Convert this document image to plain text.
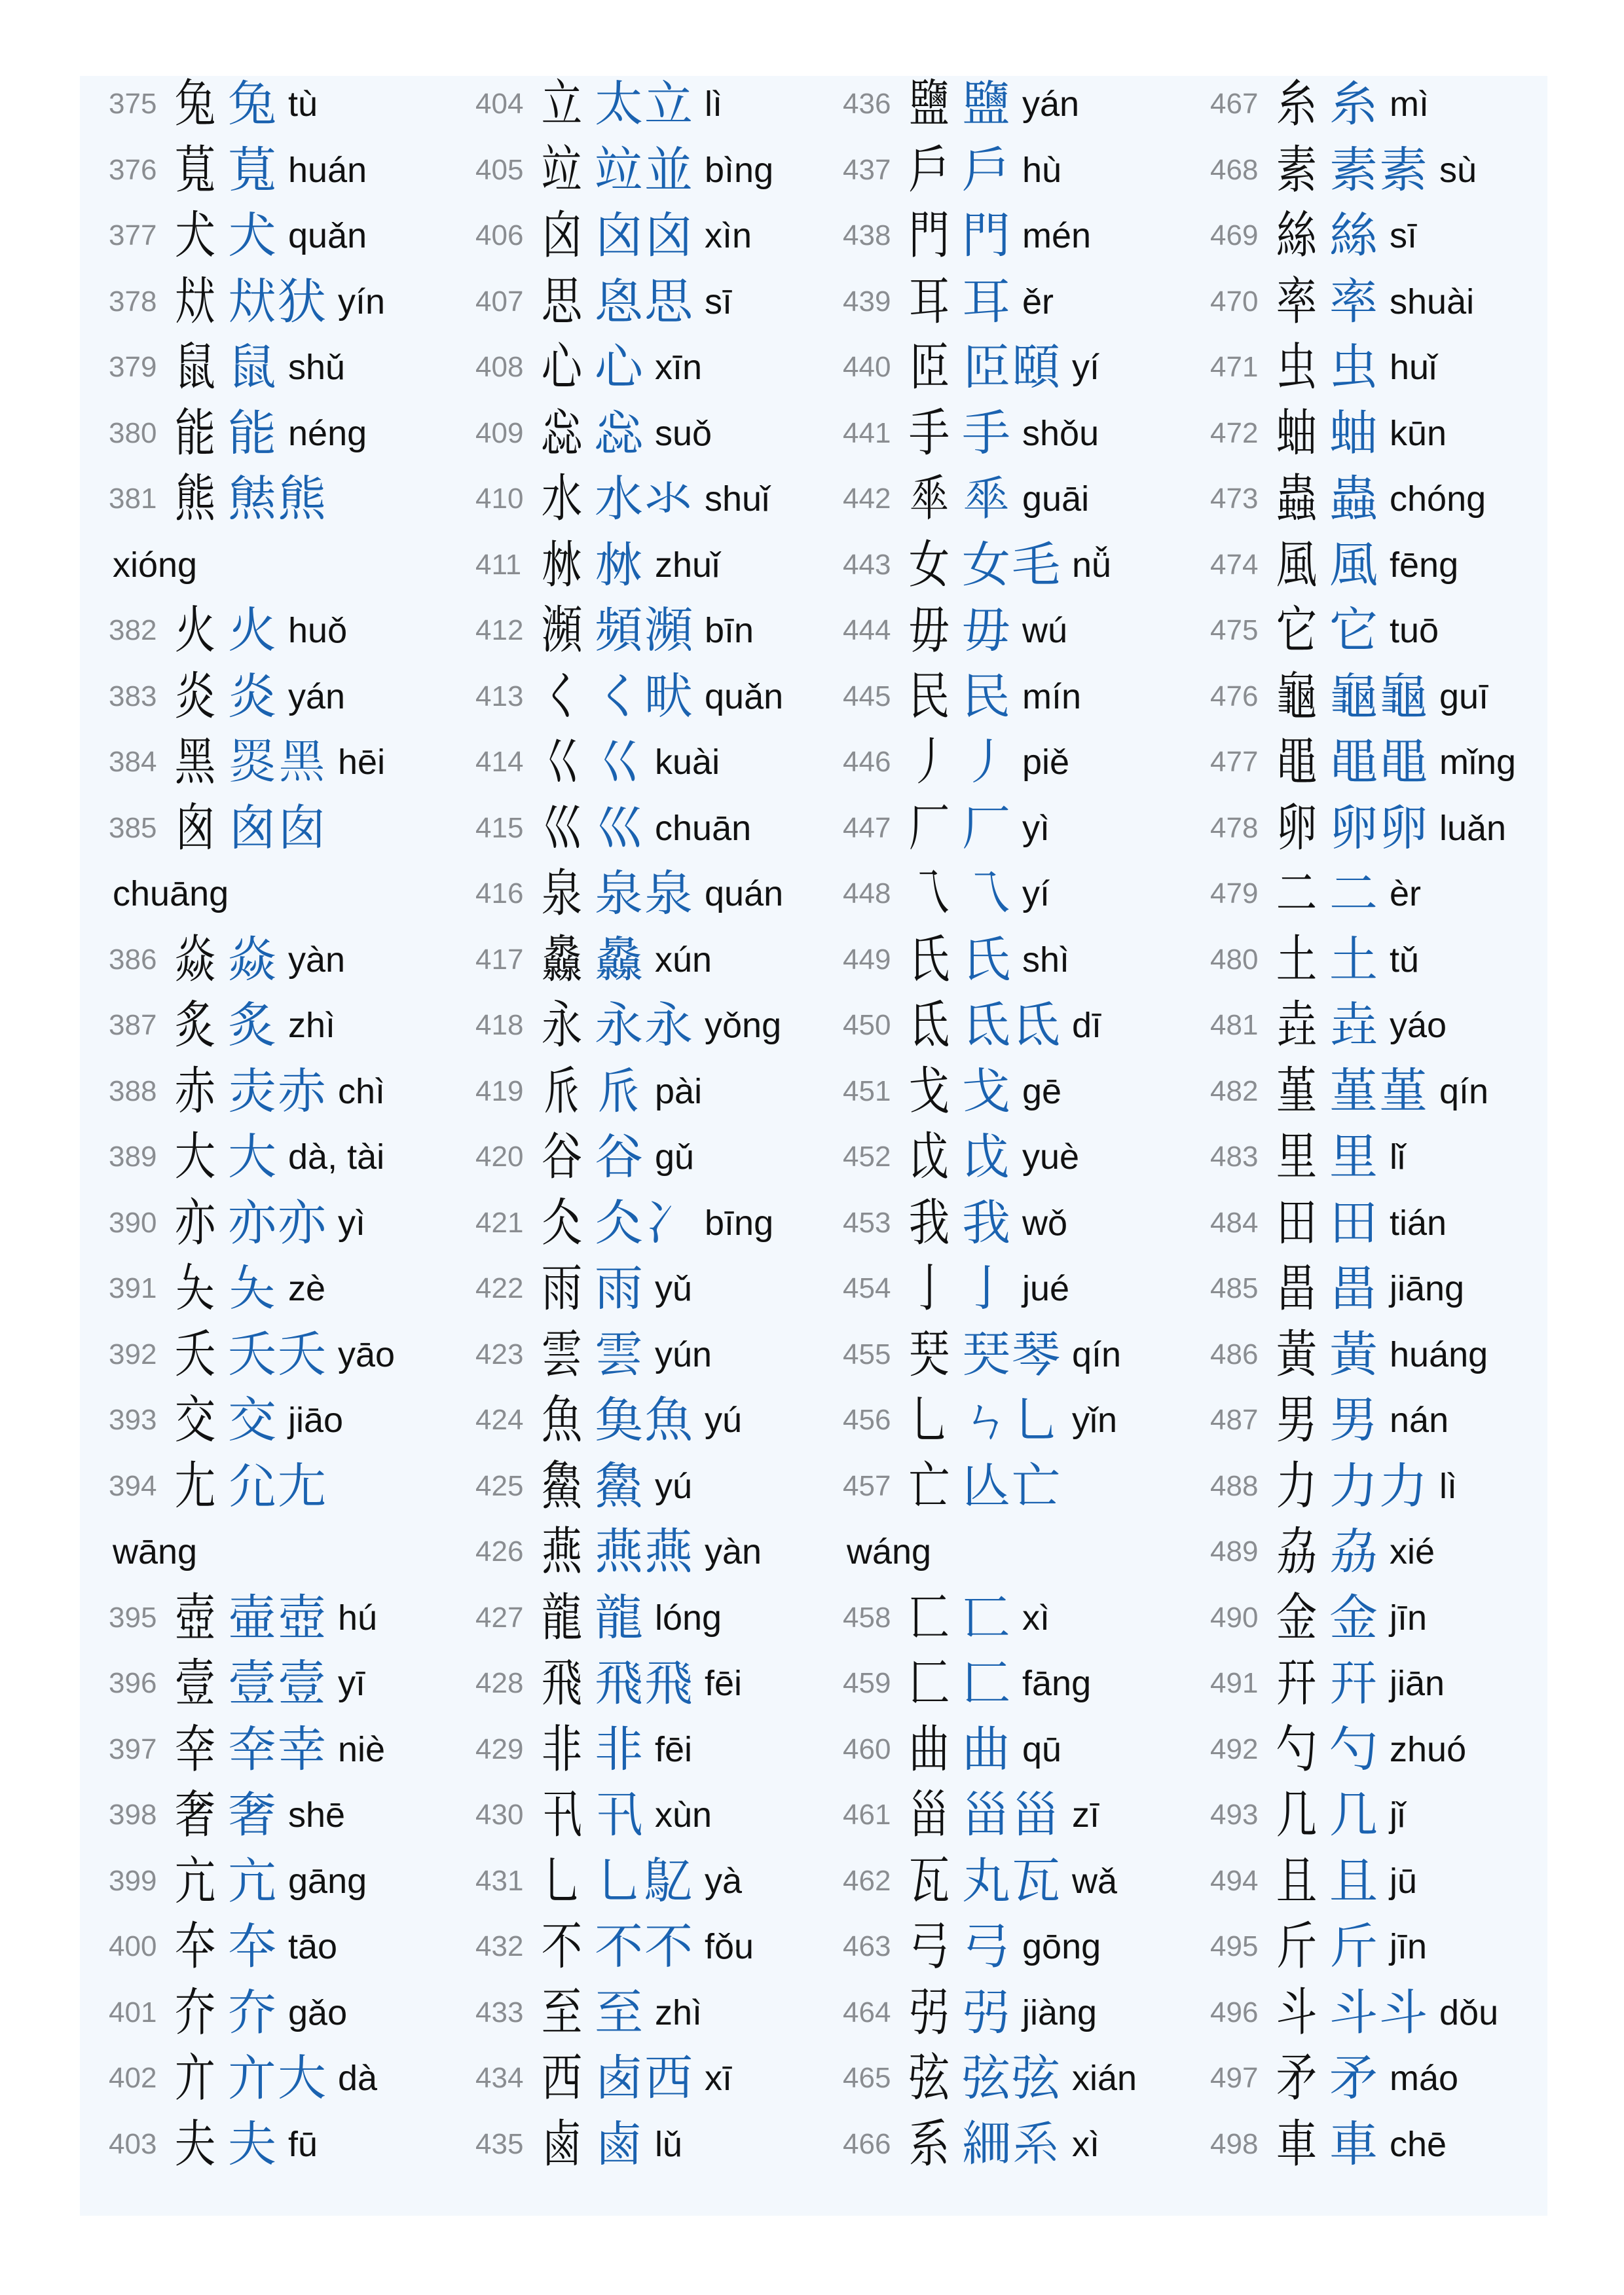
375 兔 兔 tù
376 萈 萈 huán
377 犬 犬 quǎn
378 㹜 㹜犾 yín
379 鼠 鼠 shǔ
380 能 能 néng
381 熊 㷱熊
xióng
382 火 火 huǒ
383 炎 炎 yán
384 黑 𪐗黑 hēi
385 囪 囪囱
chuāng
386 焱 焱 yàn
387 炙 炙 zhì
388 赤 灻赤 chì
389 大 大 dà, tài
390 亦 亦亦 yì
391 夨 夨 zè
392 夭 夭夭 yāo
393 交 交 jiāo
394 尢 尣尢
wāng
395 壺 壷壺 hú
396 壹 壹壹 yī
397 㚔 㚔幸 niè
398 奢 奢 shē
399 亢 亢 gāng
400 夲 夲 tāo
401 夰 夰 gǎo
402 亣 亣大 dà
403 夫 夫 fū
404 立 太立 lì
405 竝 竝並 bìng
406 囟 囟囟 xìn
407 思 恖思 sī
408 心 心 xīn
409 惢 惢 suǒ
410 水 水氺 shuǐ
411 沝 沝 zhuǐ
412 瀕 頻瀕 bīn
413 く く畎 quǎn
414 巜 巜 kuài
415 巛 巛 chuān
416 泉 泉泉 quán
417 灥 灥 xún
418 永 永永 yǒng
419 𠂢 𠂢 pài
420 谷 谷 gǔ
421 仌 仌冫 bīng
422 雨 雨 yǔ
423 雲 雲 yún
424 魚 𩵋魚 yú
425 𩺰 𩺰 yú
426 燕 燕燕 yàn
427 龍 龍 lóng
428 飛 飛飛 fēi
429 非 非 fēi
430 卂 卂 xùn
431 乚 乚鳦 yà
432 不 不不 fǒu
433 至 至 zhì
434 西 卥西 xī
435 鹵 鹵 lǔ
436 鹽 鹽 yán
437 戶 戶 hù
438 門 門 mén
439 耳 耳 ěr
440 𦣝 𦣝頤 yí
441 手 手 shǒu
442 𠦬 𠦬 guāi
443 女 女毛 nǚ
444 毋 毋 wú
445 民 民 mín
446 丿 丿 piě
447 厂 厂 yì
448 乁 乁 yí
449 氏 氏 shì
450 氐 氐氐 dī
451 戈 戈 gē
452 戉 戉 yuè
453 我 我 wǒ
454 亅 亅 jué
455 珡 珡琴 qín
456 乚 ㄣ乚 yǐn
457 亡 亾亡
wáng
458 匸 匸 xì
459 匚 匚 fāng
460 曲 曲 qū
461 甾 甾甾 zī
462 瓦 丸瓦 wǎ
463 弓 弓 gōng
464 弜 弜 jiàng
465 弦 弦弦 xián
466 系 𥿑系 xì
467 糸 糸 mì
468 素 素素 sù
469 絲 絲 sī
470 率 率 shuài
471 虫 虫 huǐ
472 蚰 蚰 kūn
473 蟲 蟲 chóng
474 風 風 fēng
475 它 它 tuō
476 龜 龜龜 guī
477 黽 黽黽 mǐng
478 卵 卵卵 luǎn
479 二 二 èr
480 土 土 tǔ
481 垚 垚 yáo
482 堇 堇堇 qín
483 里 里 lǐ
484 田 田 tián
485 畕 畕 jiāng
486 黃 黃 huáng
487 男 男 nán
488 力 力力 lì
489 劦 劦 xié
490 金 金 jīn
491 幵 幵 jiān
492 勺 勺 zhuó
493 几 几 jǐ
494 且 且 jū
495 斤 斤 jīn
496 斗 斗斗 dǒu
497 矛 矛 máo
498 車 車 chē
